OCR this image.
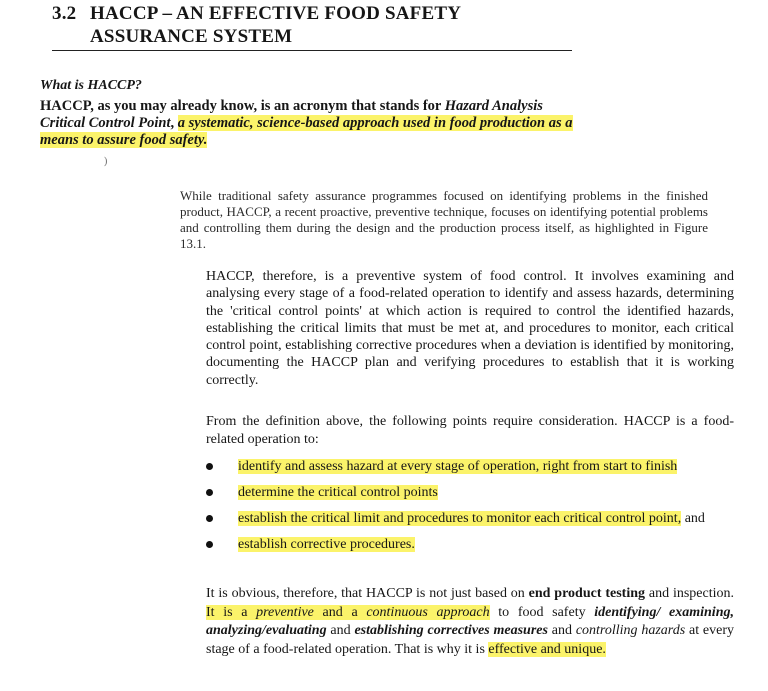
3.2 HACCP – AN EFFECTIVE FOOD SAFETY
ASSURANCE SYSTEM
What is HACCP?
HACCP, as you may already know, is an acronym that stands for Hazard Analysis Critical Control Point, a systematic, science-based approach used in food production as a means to assure food safety.
)
While traditional safety assurance programmes focused on identifying problems in the finished product, HACCP, a recent proactive, preventive technique, focuses on identifying potential problems and controlling them during the design and the production process itself, as highlighted in Figure 13.1.
HACCP, therefore, is a preventive system of food control. It involves examining and analysing every stage of a food-related operation to identify and assess hazards, determining the 'critical control points' at which action is required to control the identified hazards, establishing the critical limits that must be met at, and procedures to monitor, each critical control point, establishing corrective procedures when a deviation is identified by monitoring, documenting the HACCP plan and verifying procedures to establish that it is working correctly.
From the definition above, the following points require consideration. HACCP is a food-related operation to:
identify and assess hazard at every stage of operation, right from start to finish
determine the critical control points
establish the critical limit and procedures to monitor each critical control point, and
establish corrective procedures.
It is obvious, therefore, that HACCP is not just based on end product testing and inspection. It is a preventive and a continuous approach to food safety identifying/ examining, analyzing/evaluating and establishing correctives measures and controlling hazards at every stage of a food-related operation. That is why it is effective and unique.
